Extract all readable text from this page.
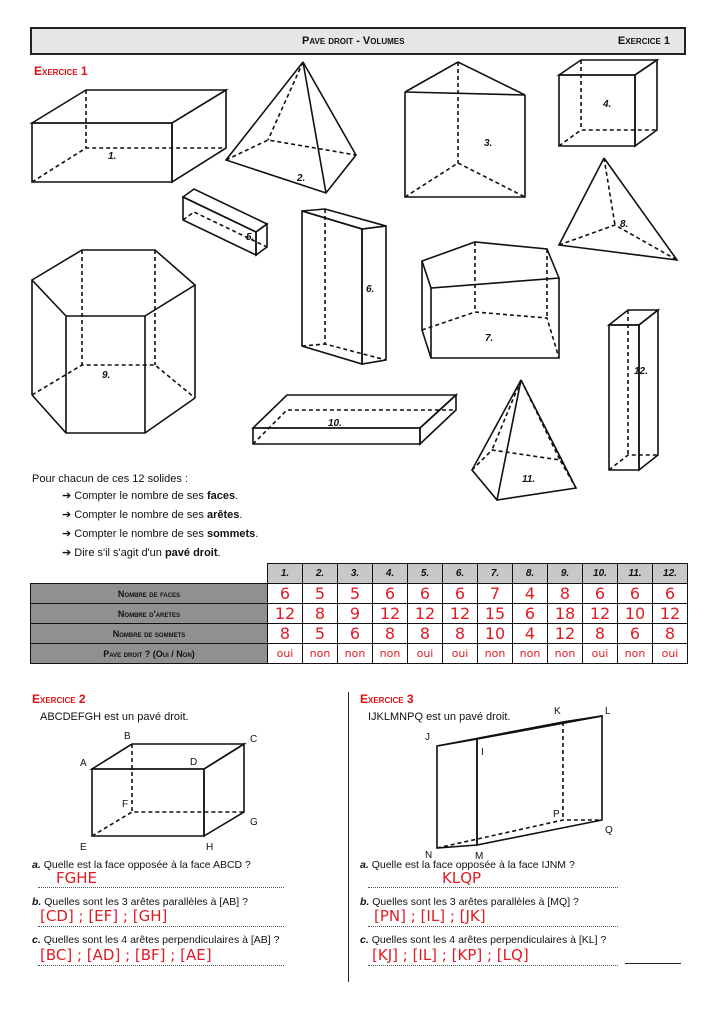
Pave droit - Volumes	Exercice 1
Exercice 1
1.
2.
3.
4.
5.
6.
7.
8.
9.
10.
11.
12.
Pour chacun de ces 12 solides :
➔ Compter le nombre de ses faces.
➔ Compter le nombre de ses arêtes.
➔ Compter le nombre de ses sommets.
➔ Dire s'il s'agit d'un pavé droit.
	1.	2.	3.	4.	5.	6.	7.	8.	9.	10.	11.	12.
Nombre de faces	6	5	5	6	6	6	7	4	8	6	6	6
Nombre d'aretes	12	8	9	12	12	12	15	6	18	12	10	12
Nombre de sommets	8	5	6	8	8	8	10	4	12	8	6	8
Pave droit ? (Oui / Non)	oui	non	non	non	oui	oui	non	non	non	oui	non	oui
Exercice 2
ABCDEFGH est un pavé droit.
A
B	C
D
E
F
G
H
a. Quelle est la face opposée à la face ABCD ?
FGHE
b. Quelles sont les 3 arêtes parallèles à [AB] ?
[CD] ; [EF] ; [GH]
c. Quelles sont les 4 arêtes perpendiculaires à [AB] ?
[BC] ; [AD] ; [BF] ; [AE]
Exercice 3
IJKLMNPQ est un pavé droit.
I
J
K	L
M
N
P
Q
a. Quelle est la face opposée à la face IJNM ?
KLQP
b. Quelles sont les 3 arêtes parallèles à [MQ] ?
[PN] ; [IL] ; [JK]
c. Quelles sont les 4 arêtes perpendiculaires à [KL] ?
[KJ] ; [IL] ; [KP] ; [LQ]
